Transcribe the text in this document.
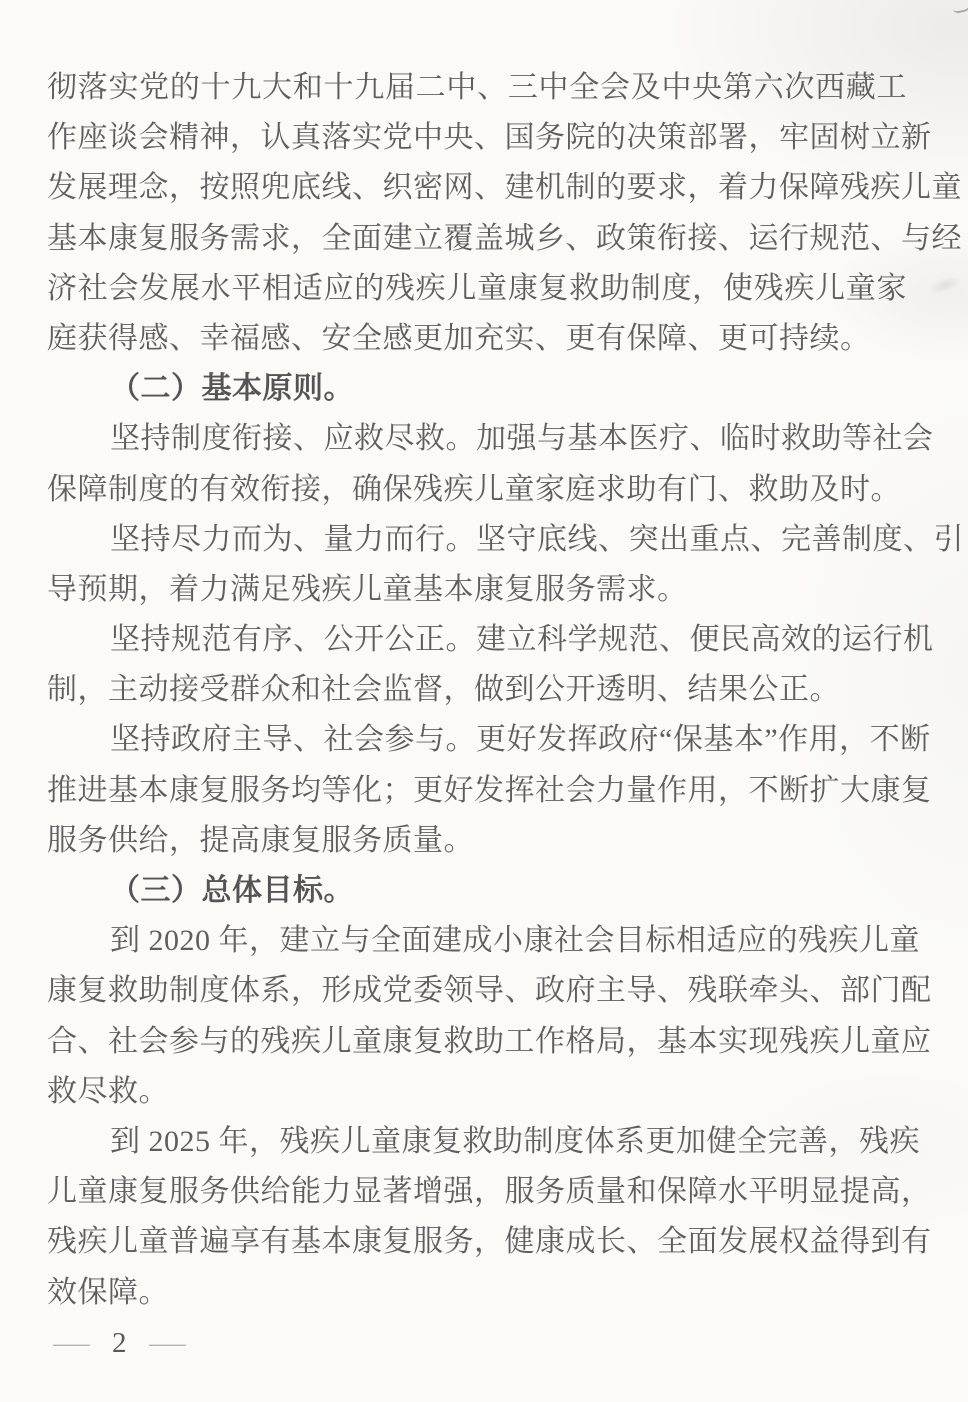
彻落实党的十九大和十九届二中、三中全会及中央第六次西藏工
作座谈会精神，认真落实党中央、国务院的决策部署，牢固树立新
发展理念，按照兜底线、织密网、建机制的要求，着力保障残疾儿童
基本康复服务需求，全面建立覆盖城乡、政策衔接、运行规范、与经
济社会发展水平相适应的残疾儿童康复救助制度，使残疾儿童家
庭获得感、幸福感、安全感更加充实、更有保障、更可持续。
（二）基本原则。
坚持制度衔接、应救尽救。加强与基本医疗、临时救助等社会
保障制度的有效衔接，确保残疾儿童家庭求助有门、救助及时。
坚持尽力而为、量力而行。坚守底线、突出重点、完善制度、引
导预期，着力满足残疾儿童基本康复服务需求。
坚持规范有序、公开公正。建立科学规范、便民高效的运行机
制，主动接受群众和社会监督，做到公开透明、结果公正。
坚持政府主导、社会参与。更好发挥政府“保基本”作用，不断
推进基本康复服务均等化；更好发挥社会力量作用，不断扩大康复
服务供给，提高康复服务质量。
（三）总体目标。
到 2020 年，建立与全面建成小康社会目标相适应的残疾儿童
康复救助制度体系，形成党委领导、政府主导、残联牵头、部门配
合、社会参与的残疾儿童康复救助工作格局，基本实现残疾儿童应
救尽救。
到 2025 年，残疾儿童康复救助制度体系更加健全完善，残疾
儿童康复服务供给能力显著增强，服务质量和保障水平明显提高，
残疾儿童普遍享有基本康复服务，健康成长、全面发展权益得到有
效保障。
— 2 —
